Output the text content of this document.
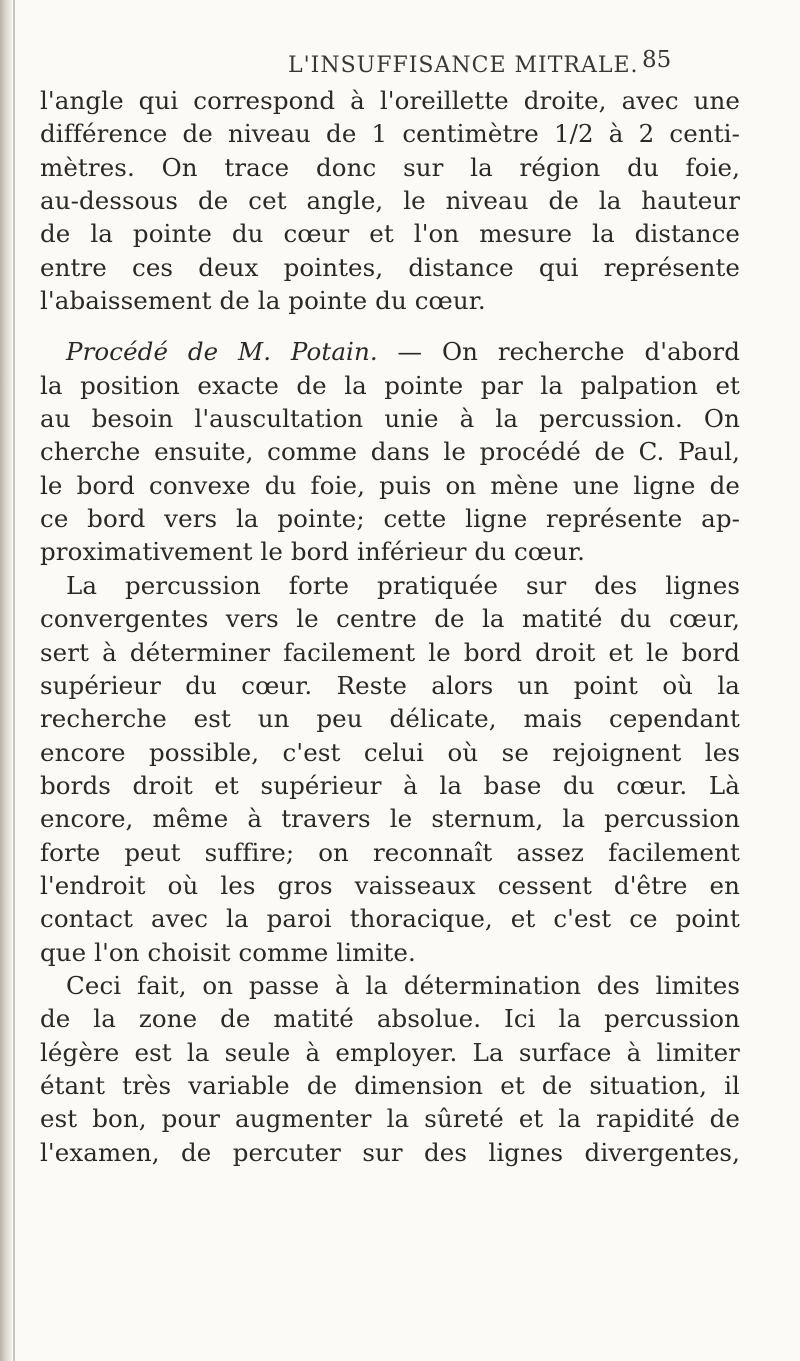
L'INSUFFISANCE MITRALE. 85
l'angle qui correspond à l'oreillette droite, avec une
différence de niveau de 1 centimètre 1/2 à 2 centi-
mètres. On trace donc sur la région du foie,
au-dessous de cet angle, le niveau de la hauteur
de la pointe du cœur et l'on mesure la distance
entre ces deux pointes, distance qui représente
l'abaissement de la pointe du cœur.
Procédé de M. Potain. — On recherche d'abord
la position exacte de la pointe par la palpation et
au besoin l'auscultation unie à la percussion. On
cherche ensuite, comme dans le procédé de C. Paul,
le bord convexe du foie, puis on mène une ligne de
ce bord vers la pointe; cette ligne représente ap-
proximativement le bord inférieur du cœur.
La percussion forte pratiquée sur des lignes
convergentes vers le centre de la matité du cœur,
sert à déterminer facilement le bord droit et le bord
supérieur du cœur. Reste alors un point où la
recherche est un peu délicate, mais cependant
encore possible, c'est celui où se rejoignent les
bords droit et supérieur à la base du cœur. Là
encore, même à travers le sternum, la percussion
forte peut suffire; on reconnaît assez facilement
l'endroit où les gros vaisseaux cessent d'être en
contact avec la paroi thoracique, et c'est ce point
que l'on choisit comme limite.
Ceci fait, on passe à la détermination des limites
de la zone de matité absolue. Ici la percussion
légère est la seule à employer. La surface à limiter
étant très variable de dimension et de situation, il
est bon, pour augmenter la sûreté et la rapidité de
l'examen, de percuter sur des lignes divergentes,
